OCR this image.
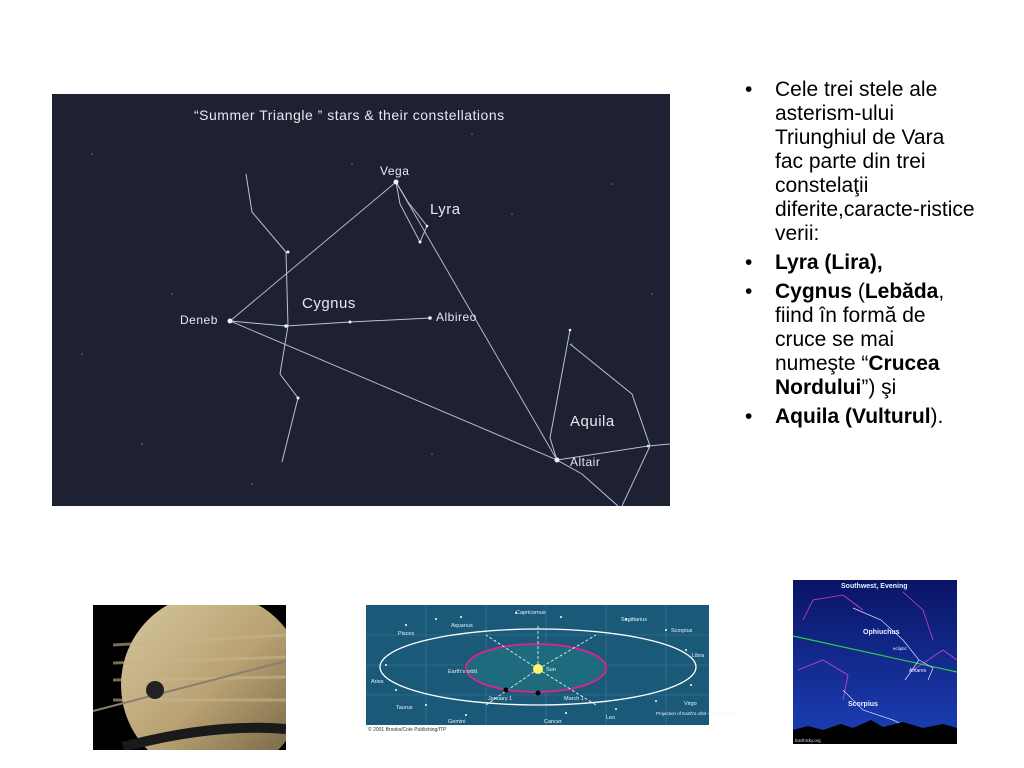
“Summer Triangle ” stars & their constellations
Vega
Lyra
Cygnus
Deneb	Albireo
Aquila
Altair
• Cele trei stele ale asterism-ului Triunghiul de Vara fac parte din trei constelaţii diferite,caracte-ristice verii:
• Lyra (Lira),
• Cygnus (Lebăda, fiind în formă de cruce se mai numeşte “Crucea Nordului”) şi
• Aquila (Vulturul).
Capricornus
Sagittarius
Aquarius
Scorpius
Pisces
Libra
Earth's orbit	Sun
Aries
January 1	March 1
Virgo
Taurus
Gemini	Cancer
Leo
Projection of Earth's orbit — the ecliptic
© 2001 Brooks/Cole Publishing/ITP
Southwest, Evening
Ophiuchus
ecliptic
Antares
Scorpius
EarthSky.org
